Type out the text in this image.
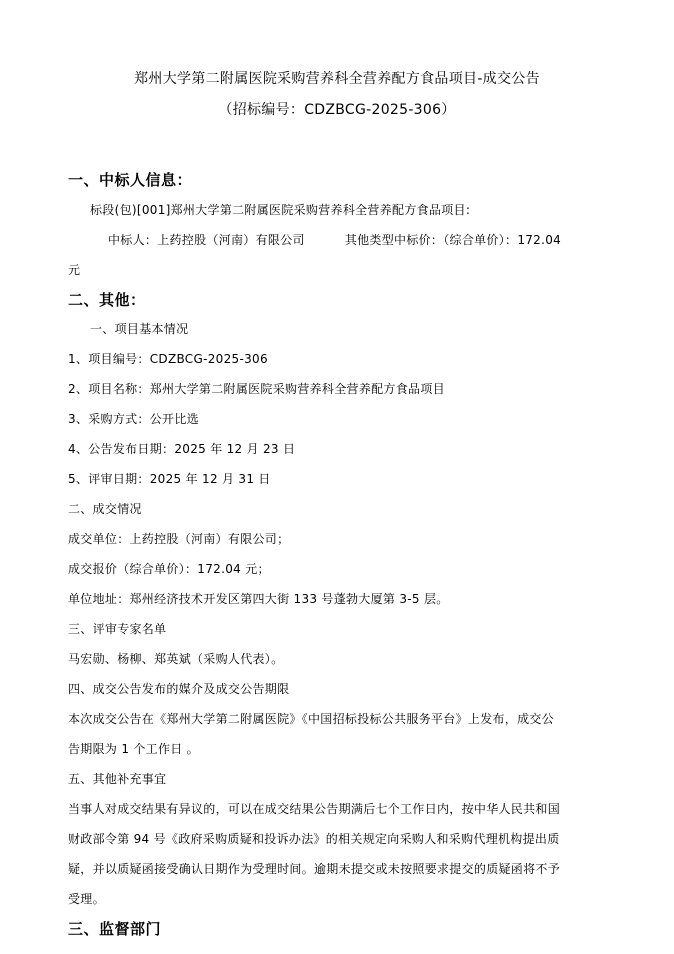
郑州大学第二附属医院采购营养科全营养配方食品项目-成交公告
（招标编号：CDZBCG-2025-306）
一、中标人信息：
标段(包)[001]郑州大学第二附属医院采购营养科全营养配方食品项目:
中标人：上药控股（河南）有限公司	其他类型中标价：（综合单价）：172.04
元
二、其他：
一、项目基本情况
1、项目编号：CDZBCG-2025-306
2、项目名称：郑州大学第二附属医院采购营养科全营养配方食品项目
3、采购方式：公开比选
4、公告发布日期：2025 年 12 月 23 日
5、评审日期：2025 年 12 月 31 日
二、成交情况
成交单位：上药控股（河南）有限公司；
成交报价（综合单价）：172.04 元；
单位地址：郑州经济技术开发区第四大街 133 号蓬勃大厦第 3-5 层。
三、评审专家名单
马宏勋、杨柳、郑英斌（采购人代表）。
四、成交公告发布的媒介及成交公告期限
本次成交公告在《郑州大学第二附属医院》《中国招标投标公共服务平台》上发布，成交公
告期限为 1 个工作日 。
五、其他补充事宜
当事人对成交结果有异议的，可以在成交结果公告期满后七个工作日内，按中华人民共和国
财政部令第 94 号《政府采购质疑和投诉办法》的相关规定向采购人和采购代理机构提出质
疑，并以质疑函接受确认日期作为受理时间。逾期未提交或未按照要求提交的质疑函将不予
受理。
三、监督部门
